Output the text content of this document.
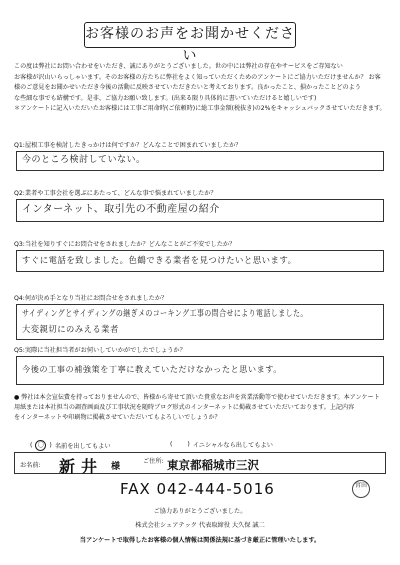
お客様のお声をお聞かせください

この度は弊社にお問い合わせをいただき、誠にありがとうございました。世の中には弊社の存在やサービスをご存知ない

お客様が沢山いらっしゃいます。そのお客様の方たちに弊社をよく知っていただくためのアンケートにご協力いただけませんか？ お客

様のご意見をお聞かせいただき今後の活動に反映させていただきたいと考えております。良かったこと、損かったことどのよう

な些細な事でも結構です。是非、ご協力お願い致します。(出来る限り具体的に書いていただけると嬉しいです)

＊アンケートに記入いただいたお客様には工事ご用命時(ご依頼時)に総工事金額(税抜き)の2%をキャッシュバックさせていただきます。

Q1:屋根工事を検討したきっかけは何ですか？どんなことで困まれていましたか？
今のところ検討していない。
Q2:業者や工事会社を選ぶにあたって、どんな事で悩まれていましたか？
インターネット、取引先の不動産屋の紹介
Q3:当社を知りすぐにお問合せをされましたか？どんなことがご不安でしたか？
すぐに電話を致しました。色鶴できる業者を見つけたいと思います。
Q4:何が決め手となり当社にお問合せをされましたか？
サイディングとサイディングの継ぎメのコーキング工事の問合せにより電話しました。
大変親切にのみえる業者
Q5:実際に当社担当者がお伺いしていかがでしたでしょうか？
今後の工事の補強策を丁寧に教えていただけなかったと思います。

● 弊社は本会宣伝費を持っておりませんので、皆様から寄せて頂いた貴重なお声を営業活動等で使わせていただきます。本アンケート

用紙または本社担当の調査画面及び工事状況を随時ブログ形式のインターネットに掲載させていただいております。上記内容

をインターネットや印刷物に掲載させていただいてもよろしいでしょうか？

( 〇 ) 名前を出してもよい	( ) イニシャルなら出してもよい
お名前: 新井 様
ご住所: 東京都稲城市三沢
FAX 042-444-5016	宮田
ご協力ありがとうございました。
株式会社シェアテック 代表取締役 大久保 誠二
当アンケートで取得したお客様の個人情報は関係法規に基づき厳正に管理いたします。
